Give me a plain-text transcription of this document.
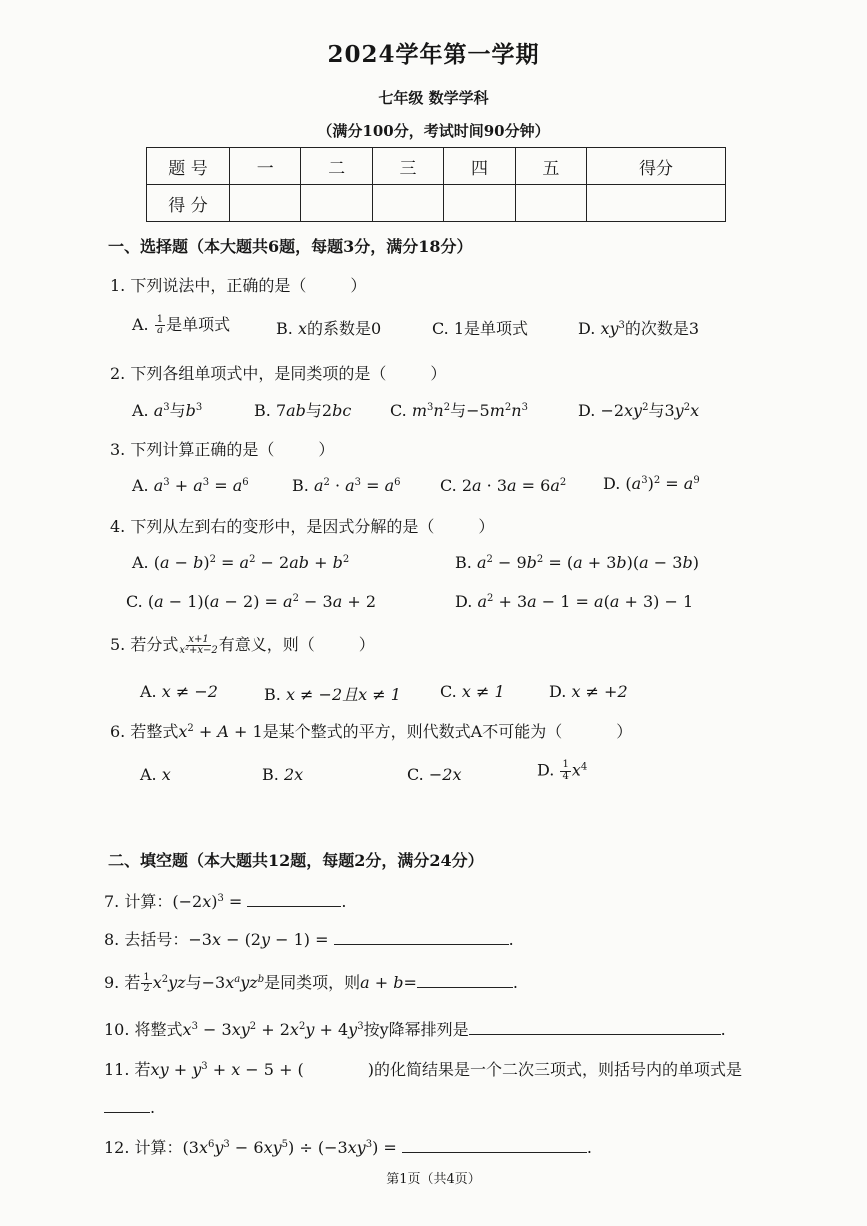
2024学年第一学期
七年级 数学学科
（满分100分，考试时间90分钟）
题 号	一	二	三	四	五	得分
得 分						
一、选择题（本大题共6题，每题3分，满分18分）
1. 下列说法中，正确的是（	）
A. $\frac{1}{a}$ 是单项式	B. x的系数是0	C. 1是单项式	D. $xy^3$的次数是3
2. 下列各组单项式中，是同类项的是（	）
A. $a^3$与$b^3$	B. 7ab与2bc C. $m^3n^2$与$-5m^2n^3$	D. $-2xy^2$与$3y^2x$
3. 下列计算正确的是（	）
A. $a^3 + a^3 = a^6$	B. $a^2 \cdot a^3 = a^6$ C. $2a \cdot 3a = 6a^2$ D. $(a^3)^2 = a^9$
4. 下列从左到右的变形中，是因式分解的是（	）
A. $(a - b)^2 = a^2 - 2ab + b^2$	B. $a^2 - 9b^2 = (a + 3b)(a - 3b)$
C. $(a - 1)(a - 2) = a^2 - 3a + 2$	D. $a^2 + 3a - 1 = a(a + 3) - 1$
5. 若分式 $\frac{x+1}{\text{x²+x−2}}$ 有意义，则（	）
A. x ≠ −2	B. x ≠ −2且x ≠ 1 C. x ≠ 1	D. x ≠ +2
6. 若整式$x^2 + A + 1$是某个整式的平方，则代数式A不可能为（	）
A. x	B. 2x	C. −2x	D. $\frac{1}{4} x^4$
二、填空题（本大题共12题，每题2分，满分24分）
7. 计算：$(-2x)^3$ =	.
8. 去括号：−3x − (2y − 1) =	.
9. 若 $\frac{1}{2} x^2yz$与$-3x^ayz^b$是同类项，则a + b=	.
10. 将整式$x^3 - 3xy^2 + 2x^2y + 4y^3$按y降幂排列是	.
11. 若xy + $y^3 + x - 5$ + (	)的化简结果是一个二次三项式，则括号内的单项式是
.
12. 计算：$(3x^6y^3 - 6xy^5) \div (-3xy^3)$ =	.
第1页（共4页）
